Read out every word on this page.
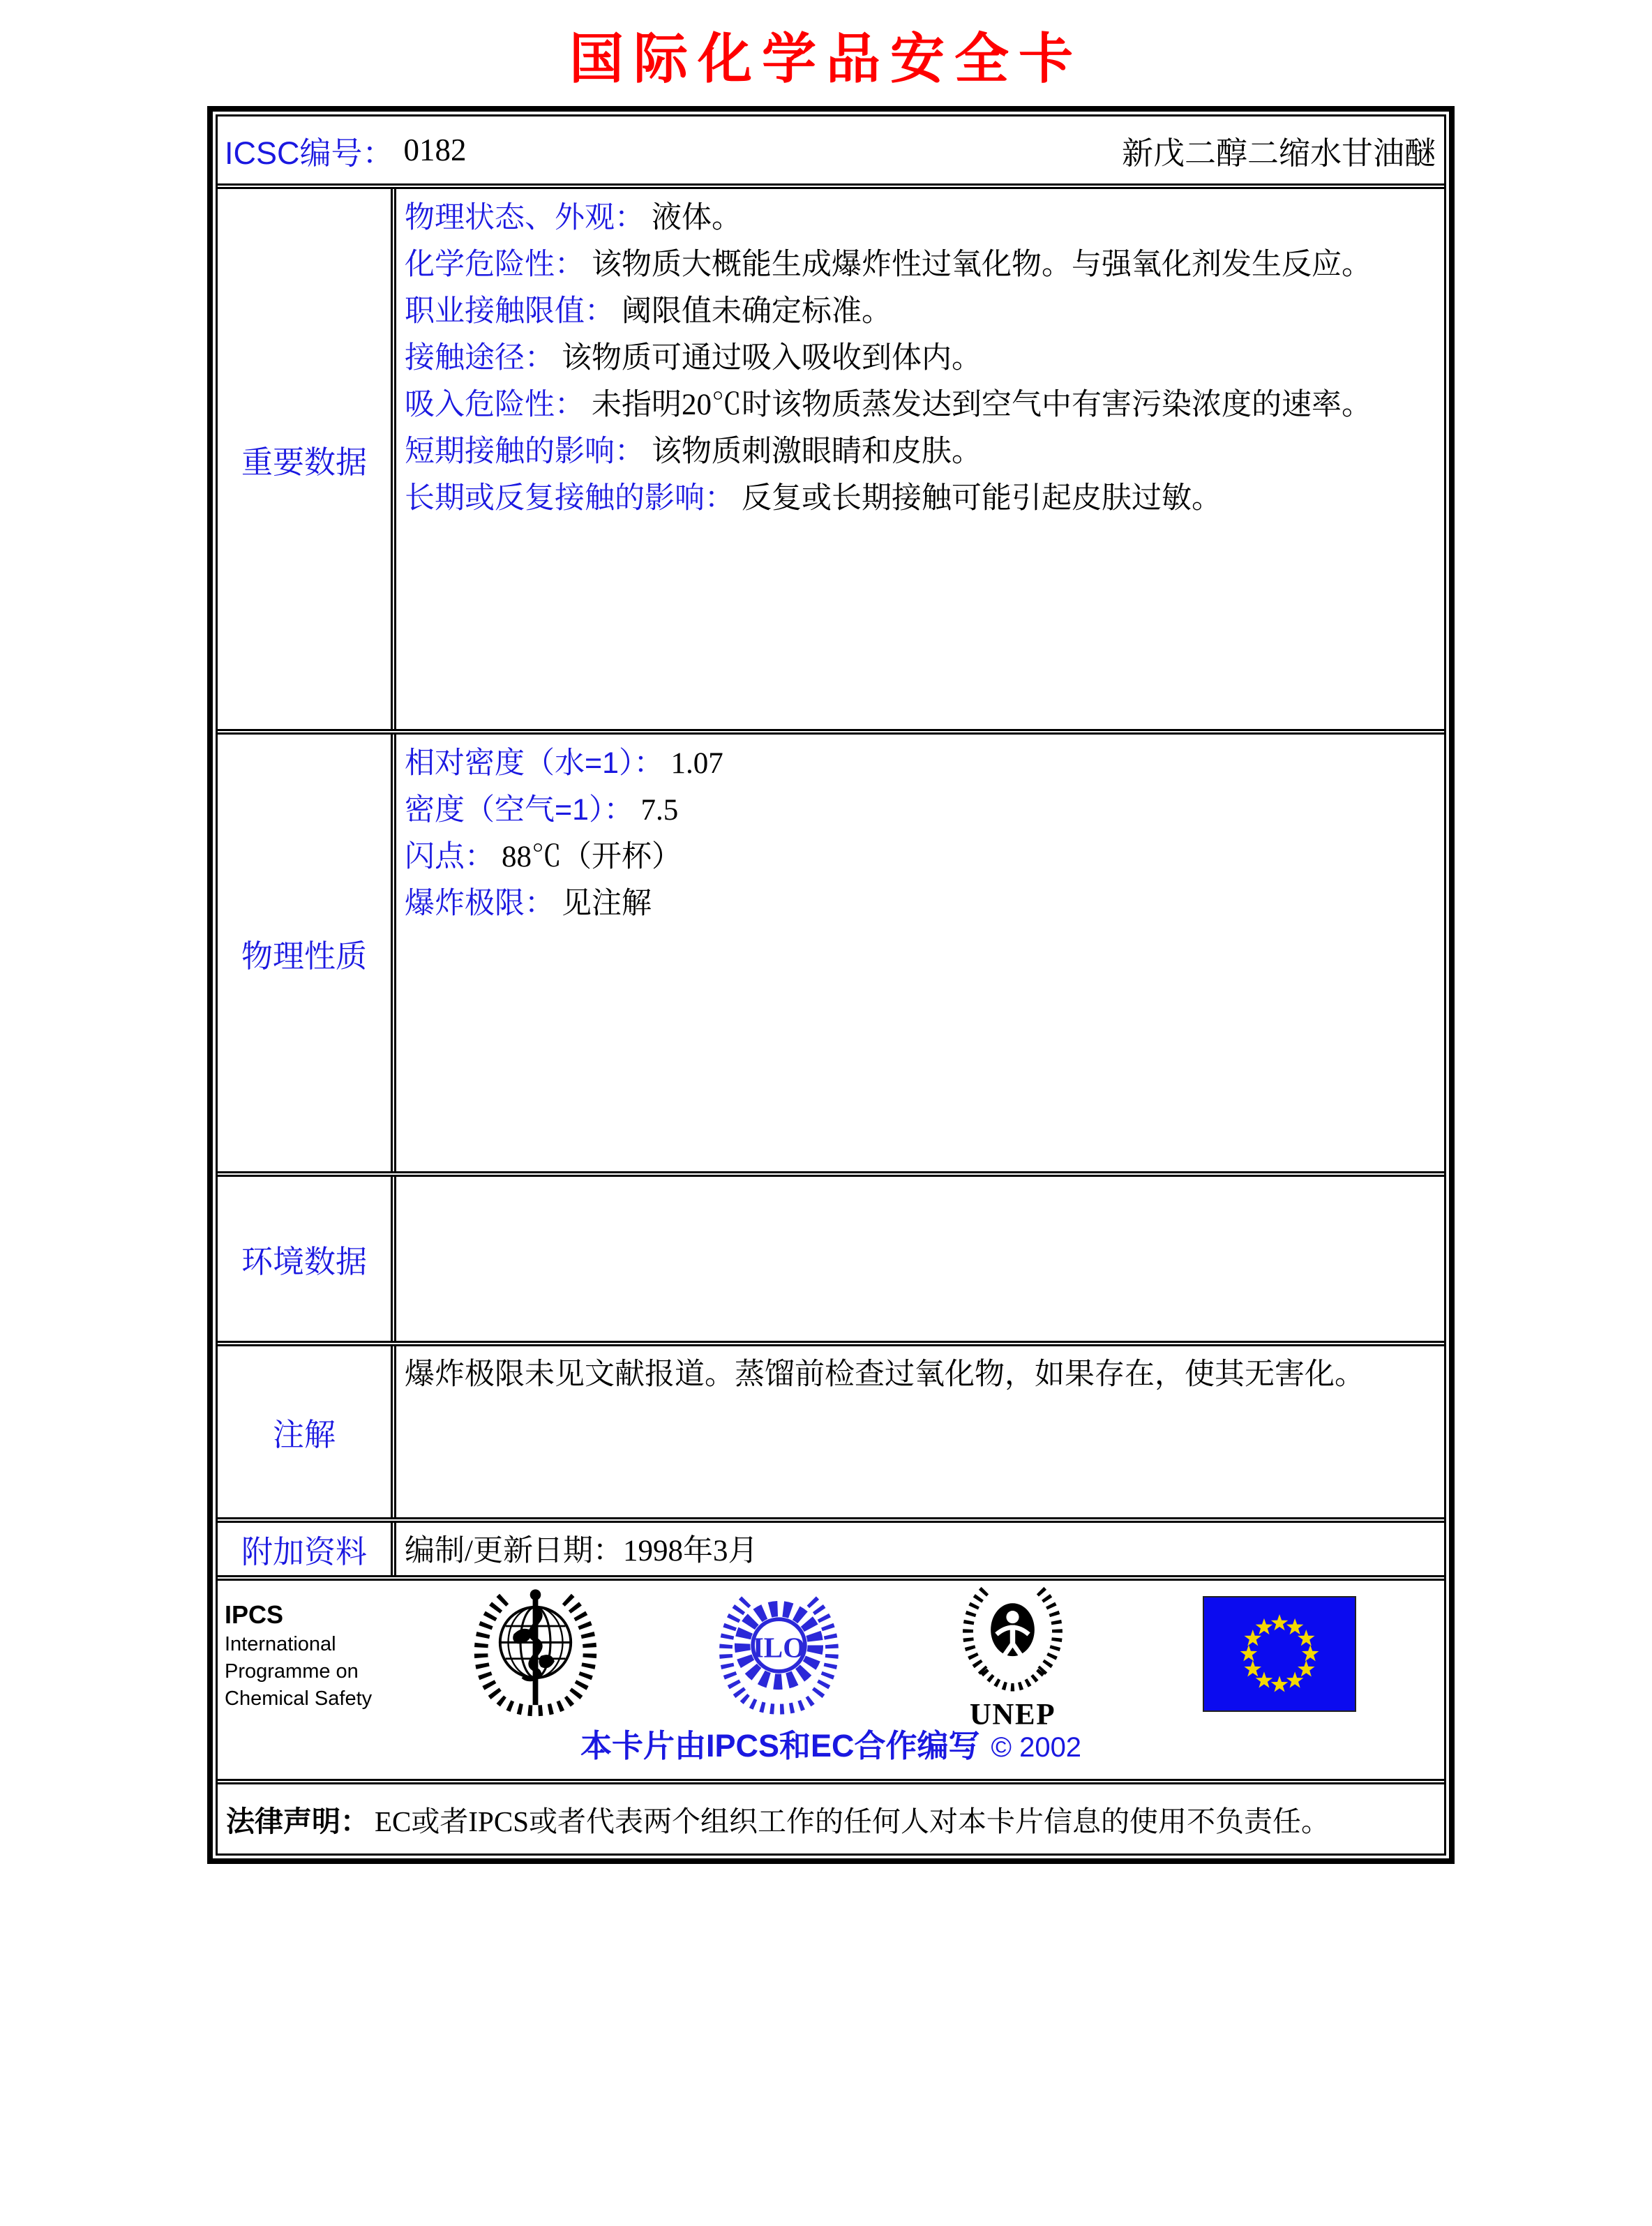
国际化学品安全卡
ICSC编号： 0182	新戊二醇二缩水甘油醚
重要数据

物理状态、外观： 液体。

化学危险性： 该物质大概能生成爆炸性过氧化物。与强氧化剂发生反应。

职业接触限值： 阈限值未确定标准。

接触途径： 该物质可通过吸入吸收到体内。

吸入危险性： 未指明20℃时该物质蒸发达到空气中有害污染浓度的速率。

短期接触的影响： 该物质刺激眼睛和皮肤。

长期或反复接触的影响： 反复或长期接触可能引起皮肤过敏。

物理性质

相对密度（水=1）： 1.07

密度（空气=1）： 7.5

闪点： 88℃（开杯）

爆炸极限： 见注解

环境数据

注解

爆炸极限未见文献报道。蒸馏前检查过氧化物，如果存在，使其无害化。

附加资料 编制/更新日期：1998年3月

IPCS
International
Programme on
Chemical Safety
ILO
UNEP
本卡片由IPCS和EC合作编写 © 2002
法律声明： EC或者IPCS或者代表两个组织工作的任何人对本卡片信息的使用不负责任。
